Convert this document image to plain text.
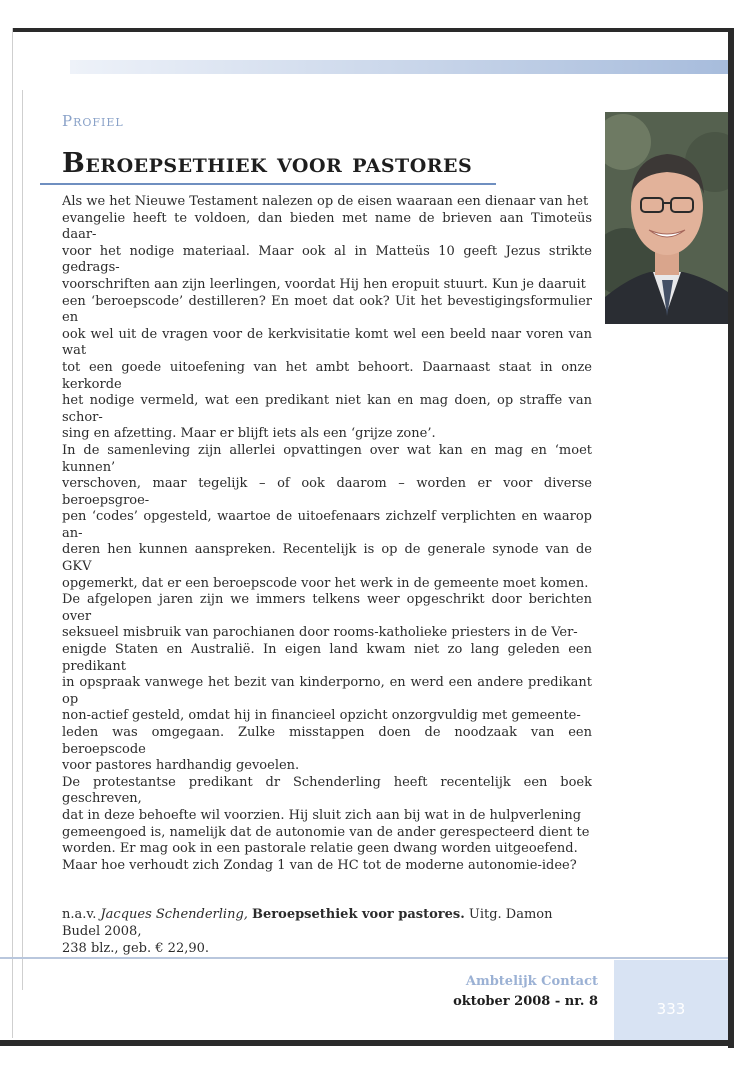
Profiel
Beroepsethiek voor pastores

Als we het Nieuwe Testament nalezen op de eisen waaraan een dienaar van het
evangelie heeft te voldoen, dan bieden met name de brieven aan Timoteüs daar-
voor het nodige materiaal. Maar ook al in Matteüs 10 geeft Jezus strikte gedrags-
voorschriften aan zijn leerlingen, voordat Hij hen eropuit stuurt. Kun je daaruit
een ‘beroepscode’ destilleren? En moet dat ook? Uit het bevestigingsformulier en
ook wel uit de vragen voor de kerkvisitatie komt wel een beeld naar voren van wat
tot een goede uitoefening van het ambt behoort. Daarnaast staat in onze kerkorde
het nodige vermeld, wat een predikant niet kan en mag doen, op straffe van schor-
sing en afzetting. Maar er blijft iets als een ‘grijze zone’.

In de samenleving zijn allerlei opvattingen over wat kan en mag en ‘moet kunnen’
verschoven, maar tegelijk – of ook daarom – worden er voor diverse beroepsgroe-
pen ‘codes’ opgesteld, waartoe de uitoefenaars zichzelf verplichten en waarop an-
deren hen kunnen aanspreken. Recentelijk is op de generale synode van de GKV
opgemerkt, dat er een beroepscode voor het werk in de gemeente moet komen.

De afgelopen jaren zijn we immers telkens weer opgeschrikt door berichten over
seksueel misbruik van parochianen door rooms-katholieke priesters in de Ver-
enigde Staten en Australië. In eigen land kwam niet zo lang geleden een predikant
in opspraak vanwege het bezit van kinderporno, en werd een andere predikant op
non-actief gesteld, omdat hij in financieel opzicht onzorgvuldig met gemeente-
leden was omgegaan. Zulke misstappen doen de noodzaak van een beroepscode
voor pastores hardhandig gevoelen.

De protestantse predikant dr Schenderling heeft recentelijk een boek geschreven,
dat in deze behoefte wil voorzien. Hij sluit zich aan bij wat in de hulpverlening
gemeengoed is, namelijk dat de autonomie van de ander gerespecteerd dient te
worden. Er mag ook in een pastorale relatie geen dwang worden uitgeoefend.
Maar hoe verhoudt zich Zondag 1 van de HC tot de moderne autonomie-idee?

n.a.v. Jacques Schenderling, Beroepsethiek voor pastores. Uitg. Damon Budel 2008,
238 blz., geb. € 22,90.
Ambtelijk Contact
oktober 2008 - nr. 8	333
